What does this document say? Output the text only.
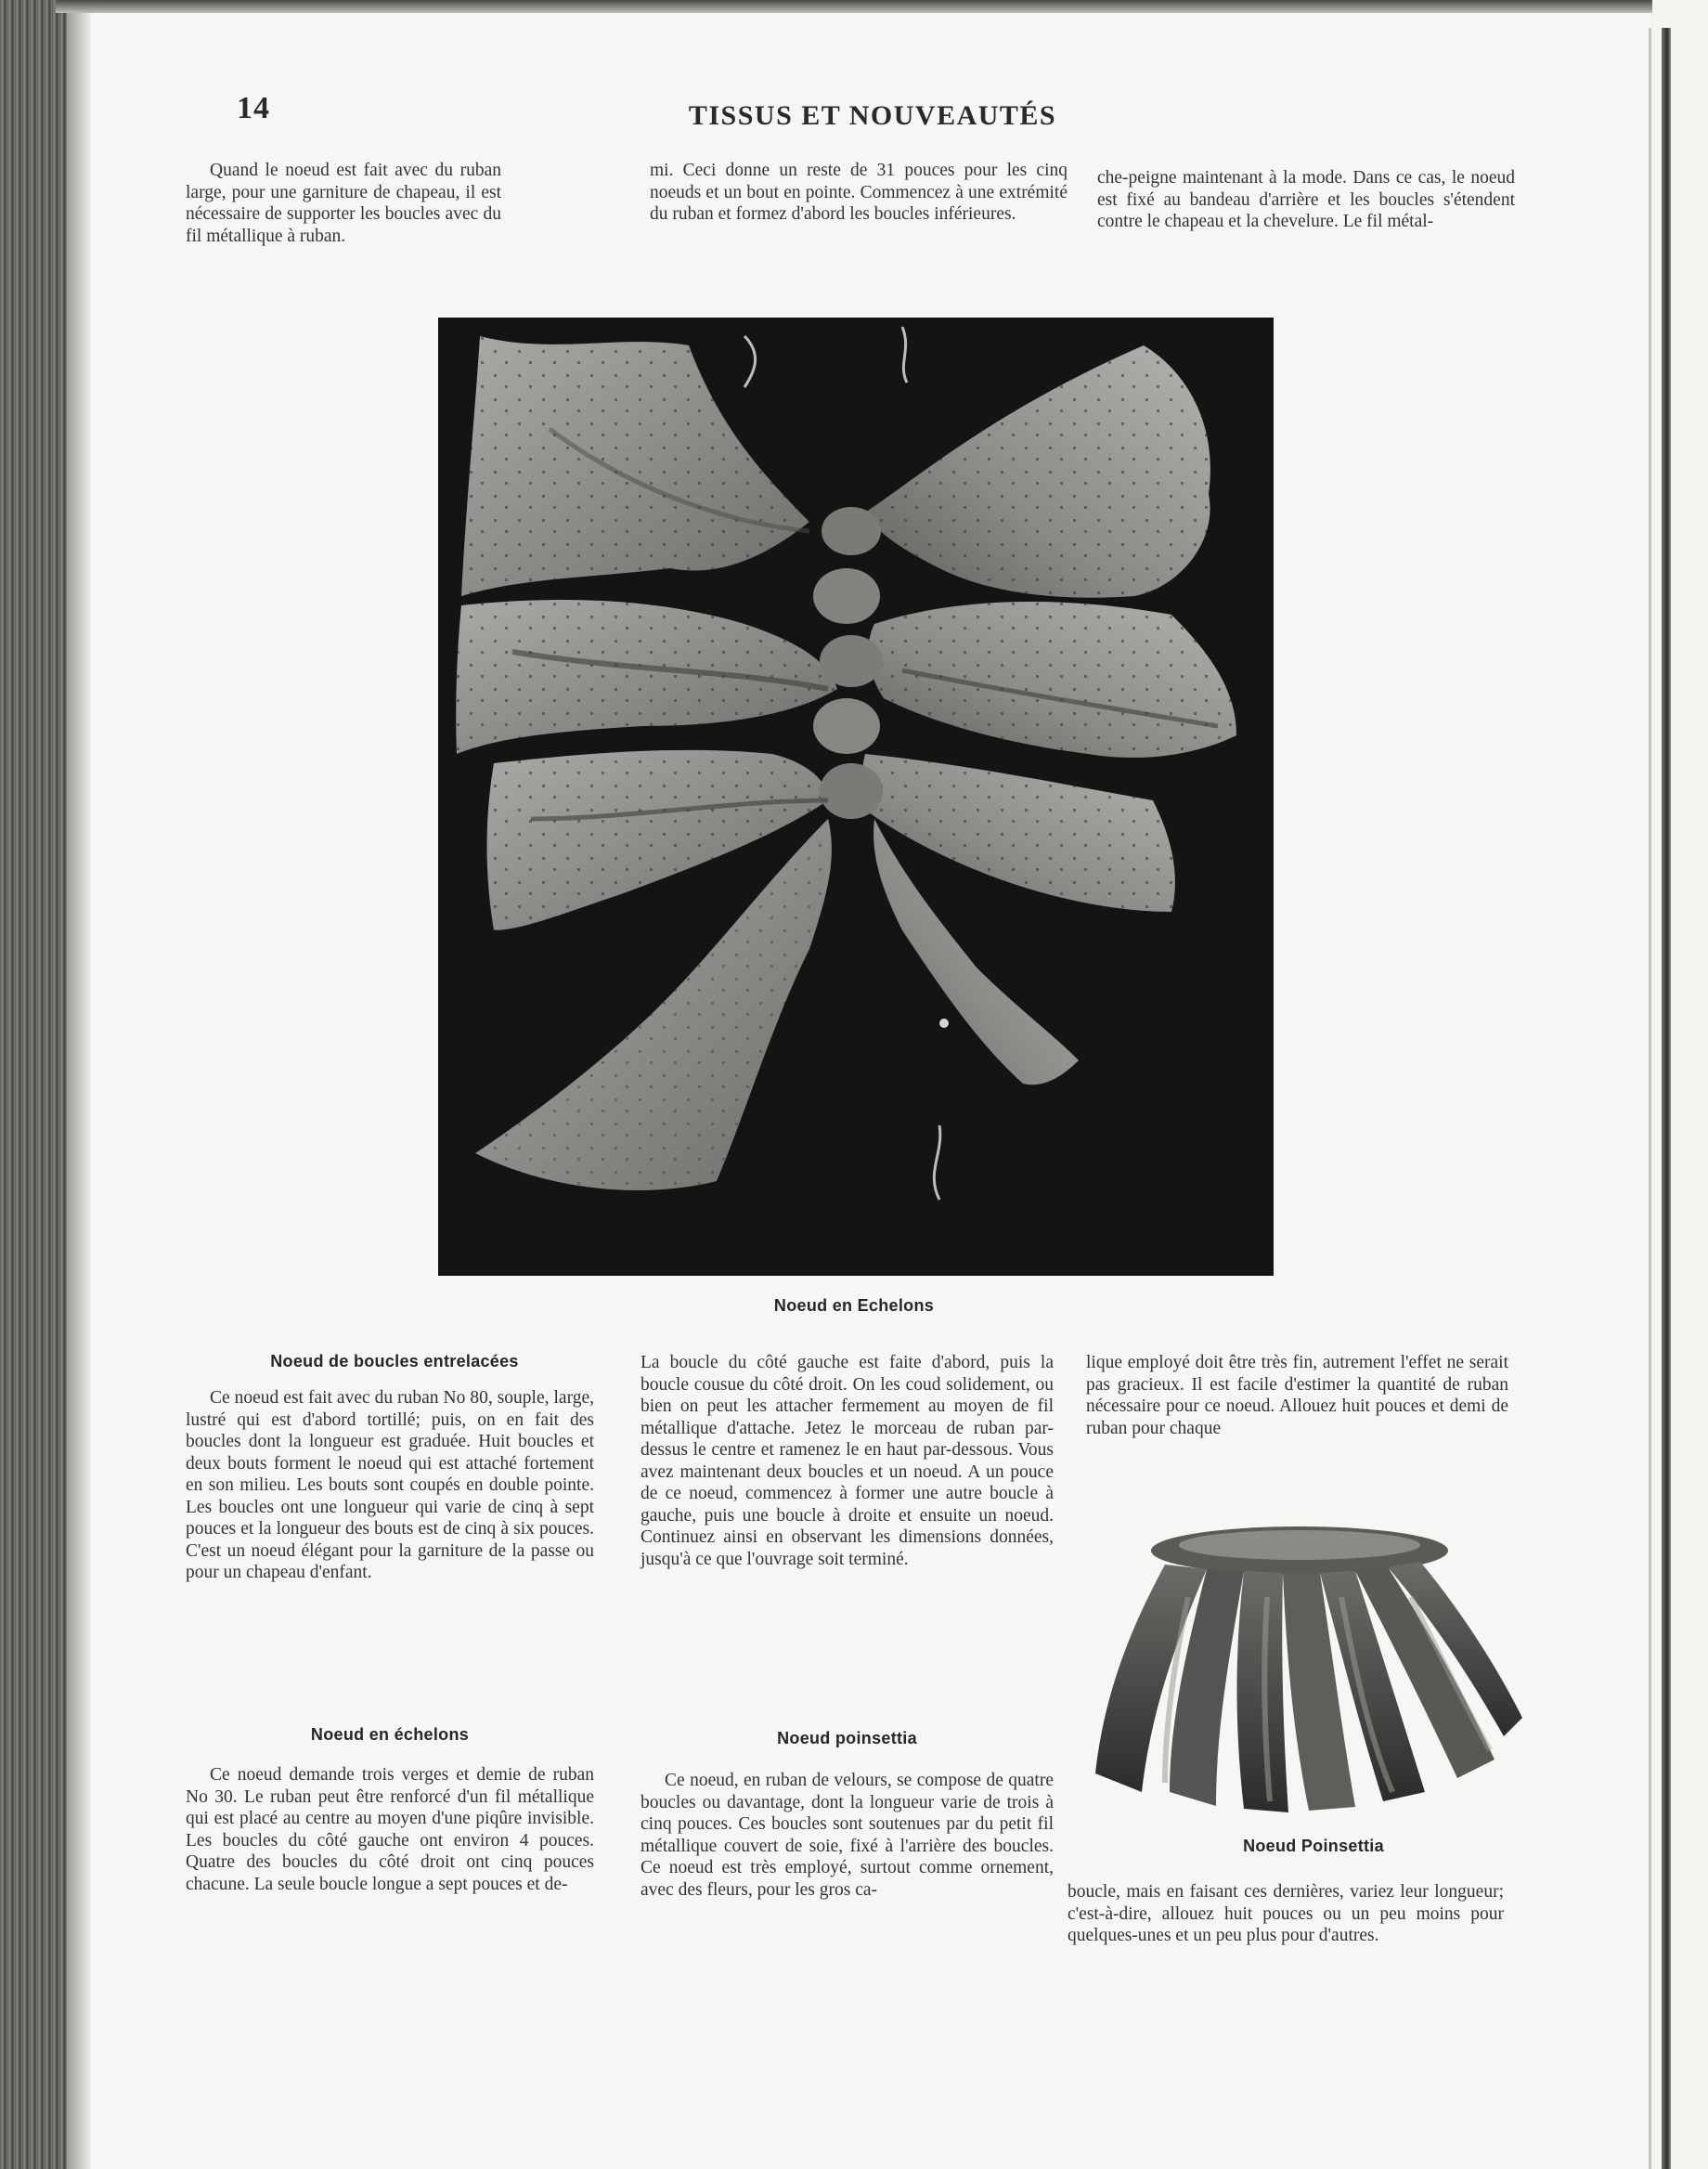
14	TISSUS ET NOUVEAUTÉS

Quand le noeud est fait avec du ruban large, pour une garniture de chapeau, il est nécessaire de supporter les boucles avec du fil métallique à ruban.

mi. Ceci donne un reste de 31 pouces pour les cinq noeuds et un bout en pointe. Commencez à une extrémité du ruban et formez d'abord les boucles inférieures.

che-peigne maintenant à la mode. Dans ce cas, le noeud est fixé au bandeau d'arrière et les boucles s'étendent contre le chapeau et la chevelure. Le fil métal-

Noeud en Echelons
Noeud de boucles entrelacées

Ce noeud est fait avec du ruban No 80, souple, large, lustré qui est d'abord tortillé; puis, on en fait des boucles dont la longueur est graduée. Huit boucles et deux bouts forment le noeud qui est attaché fortement en son milieu. Les bouts sont coupés en double pointe. Les boucles ont une longueur qui varie de cinq à sept pouces et la longueur des bouts est de cinq à six pouces. C'est un noeud élégant pour la garniture de la passe ou pour un chapeau d'enfant.

Noeud en échelons

Ce noeud demande trois verges et demie de ruban No 30. Le ruban peut être renforcé d'un fil métallique qui est placé au centre au moyen d'une piqûre invisible. Les boucles du côté gauche ont environ 4 pouces. Quatre des boucles du côté droit ont cinq pouces chacune. La seule boucle longue a sept pouces et de-

La boucle du côté gauche est faite d'abord, puis la boucle cousue du côté droit. On les coud solidement, ou bien on peut les attacher fermement au moyen de fil métallique d'attache. Jetez le morceau de ruban par-dessus le centre et ramenez le en haut par-dessous. Vous avez maintenant deux boucles et un noeud. A un pouce de ce noeud, commencez à former une autre boucle à gauche, puis une boucle à droite et ensuite un noeud. Continuez ainsi en observant les dimensions données, jusqu'à ce que l'ouvrage soit terminé.

Noeud poinsettia

Ce noeud, en ruban de velours, se compose de quatre boucles ou davantage, dont la longueur varie de trois à cinq pouces. Ces boucles sont soutenues par du petit fil métallique couvert de soie, fixé à l'arrière des boucles. Ce noeud est très employé, surtout comme ornement, avec des fleurs, pour les gros ca-

lique employé doit être très fin, autrement l'effet ne serait pas gracieux. Il est facile d'estimer la quantité de ruban nécessaire pour ce noeud. Allouez huit pouces et demi de ruban pour chaque

Noeud Poinsettia

boucle, mais en faisant ces dernières, variez leur longueur; c'est-à-dire, allouez huit pouces ou un peu moins pour quelques-unes et un peu plus pour d'autres.
